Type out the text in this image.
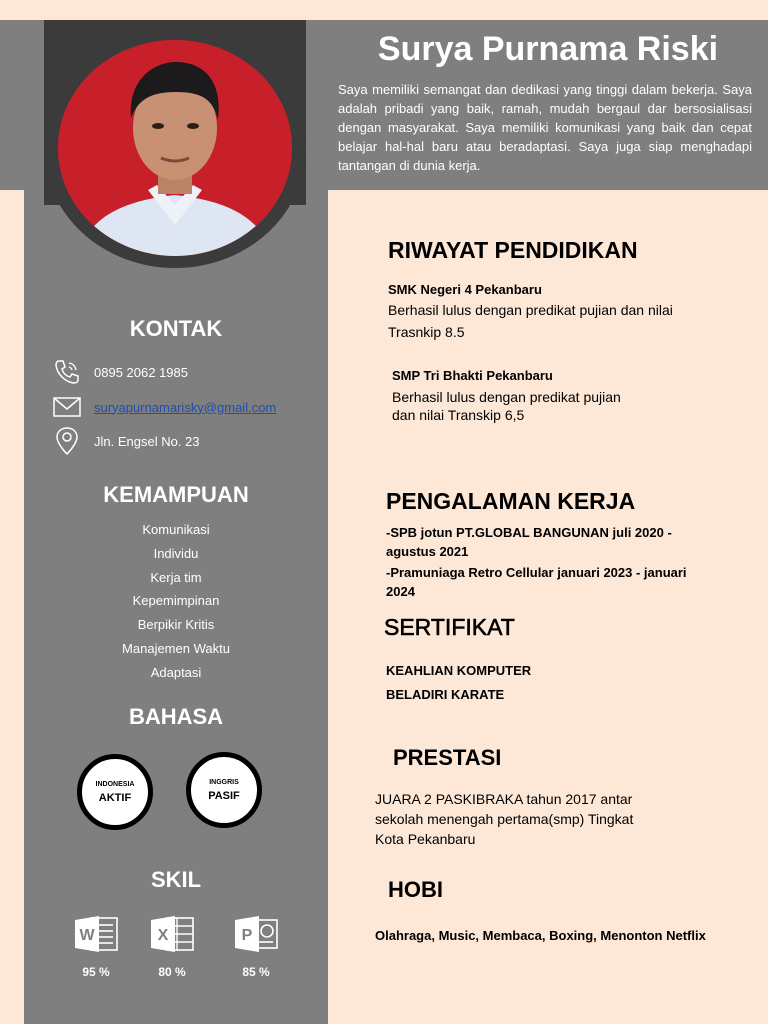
Surya Purnama Riski
Saya memiliki semangat dan dedikasi yang tinggi dalam bekerja. Saya adalah pribadi yang baik, ramah, mudah bergaul dar bersosialisasi dengan masyarakat. Saya memiliki komunikasi yang baik dan cepat belajar hal-hal baru atau beradaptasi. Saya juga siap menghadapi tantangan di dunia kerja.
KONTAK
0895 2062 1985
suryapurnamarisky@gmail.com
Jln. Engsel No. 23
KEMAMPUAN
Komunikasi
Individu
Kerja tim
Kepemimpinan
Berpikir Kritis
Manajemen Waktu
Adaptasi
BAHASA
INDONESIA
AKTIF
INGGRIS
PASIF
SKIL
W
95 %
X
80 %
P
85 %
RIWAYAT PENDIDIKAN
SMK Negeri 4 Pekanbaru
Berhasil lulus dengan predikat pujian dan nilai
Trasnkip 8.5
SMP Tri Bhakti Pekanbaru
Berhasil lulus dengan predikat pujian
dan nilai Transkip 6,5
PENGALAMAN KERJA
-SPB jotun PT.GLOBAL BANGUNAN juli 2020 -
agustus 2021
-Pramuniaga Retro Cellular januari 2023 - januari
2024
SERTIFIKAT
KEAHLIAN KOMPUTER
BELADIRI KARATE
PRESTASI
JUARA 2 PASKIBRAKA tahun 2017 antar
sekolah menengah pertama(smp) Tingkat
Kota Pekanbaru
HOBI
Olahraga, Music, Membaca, Boxing, Menonton Netflix
